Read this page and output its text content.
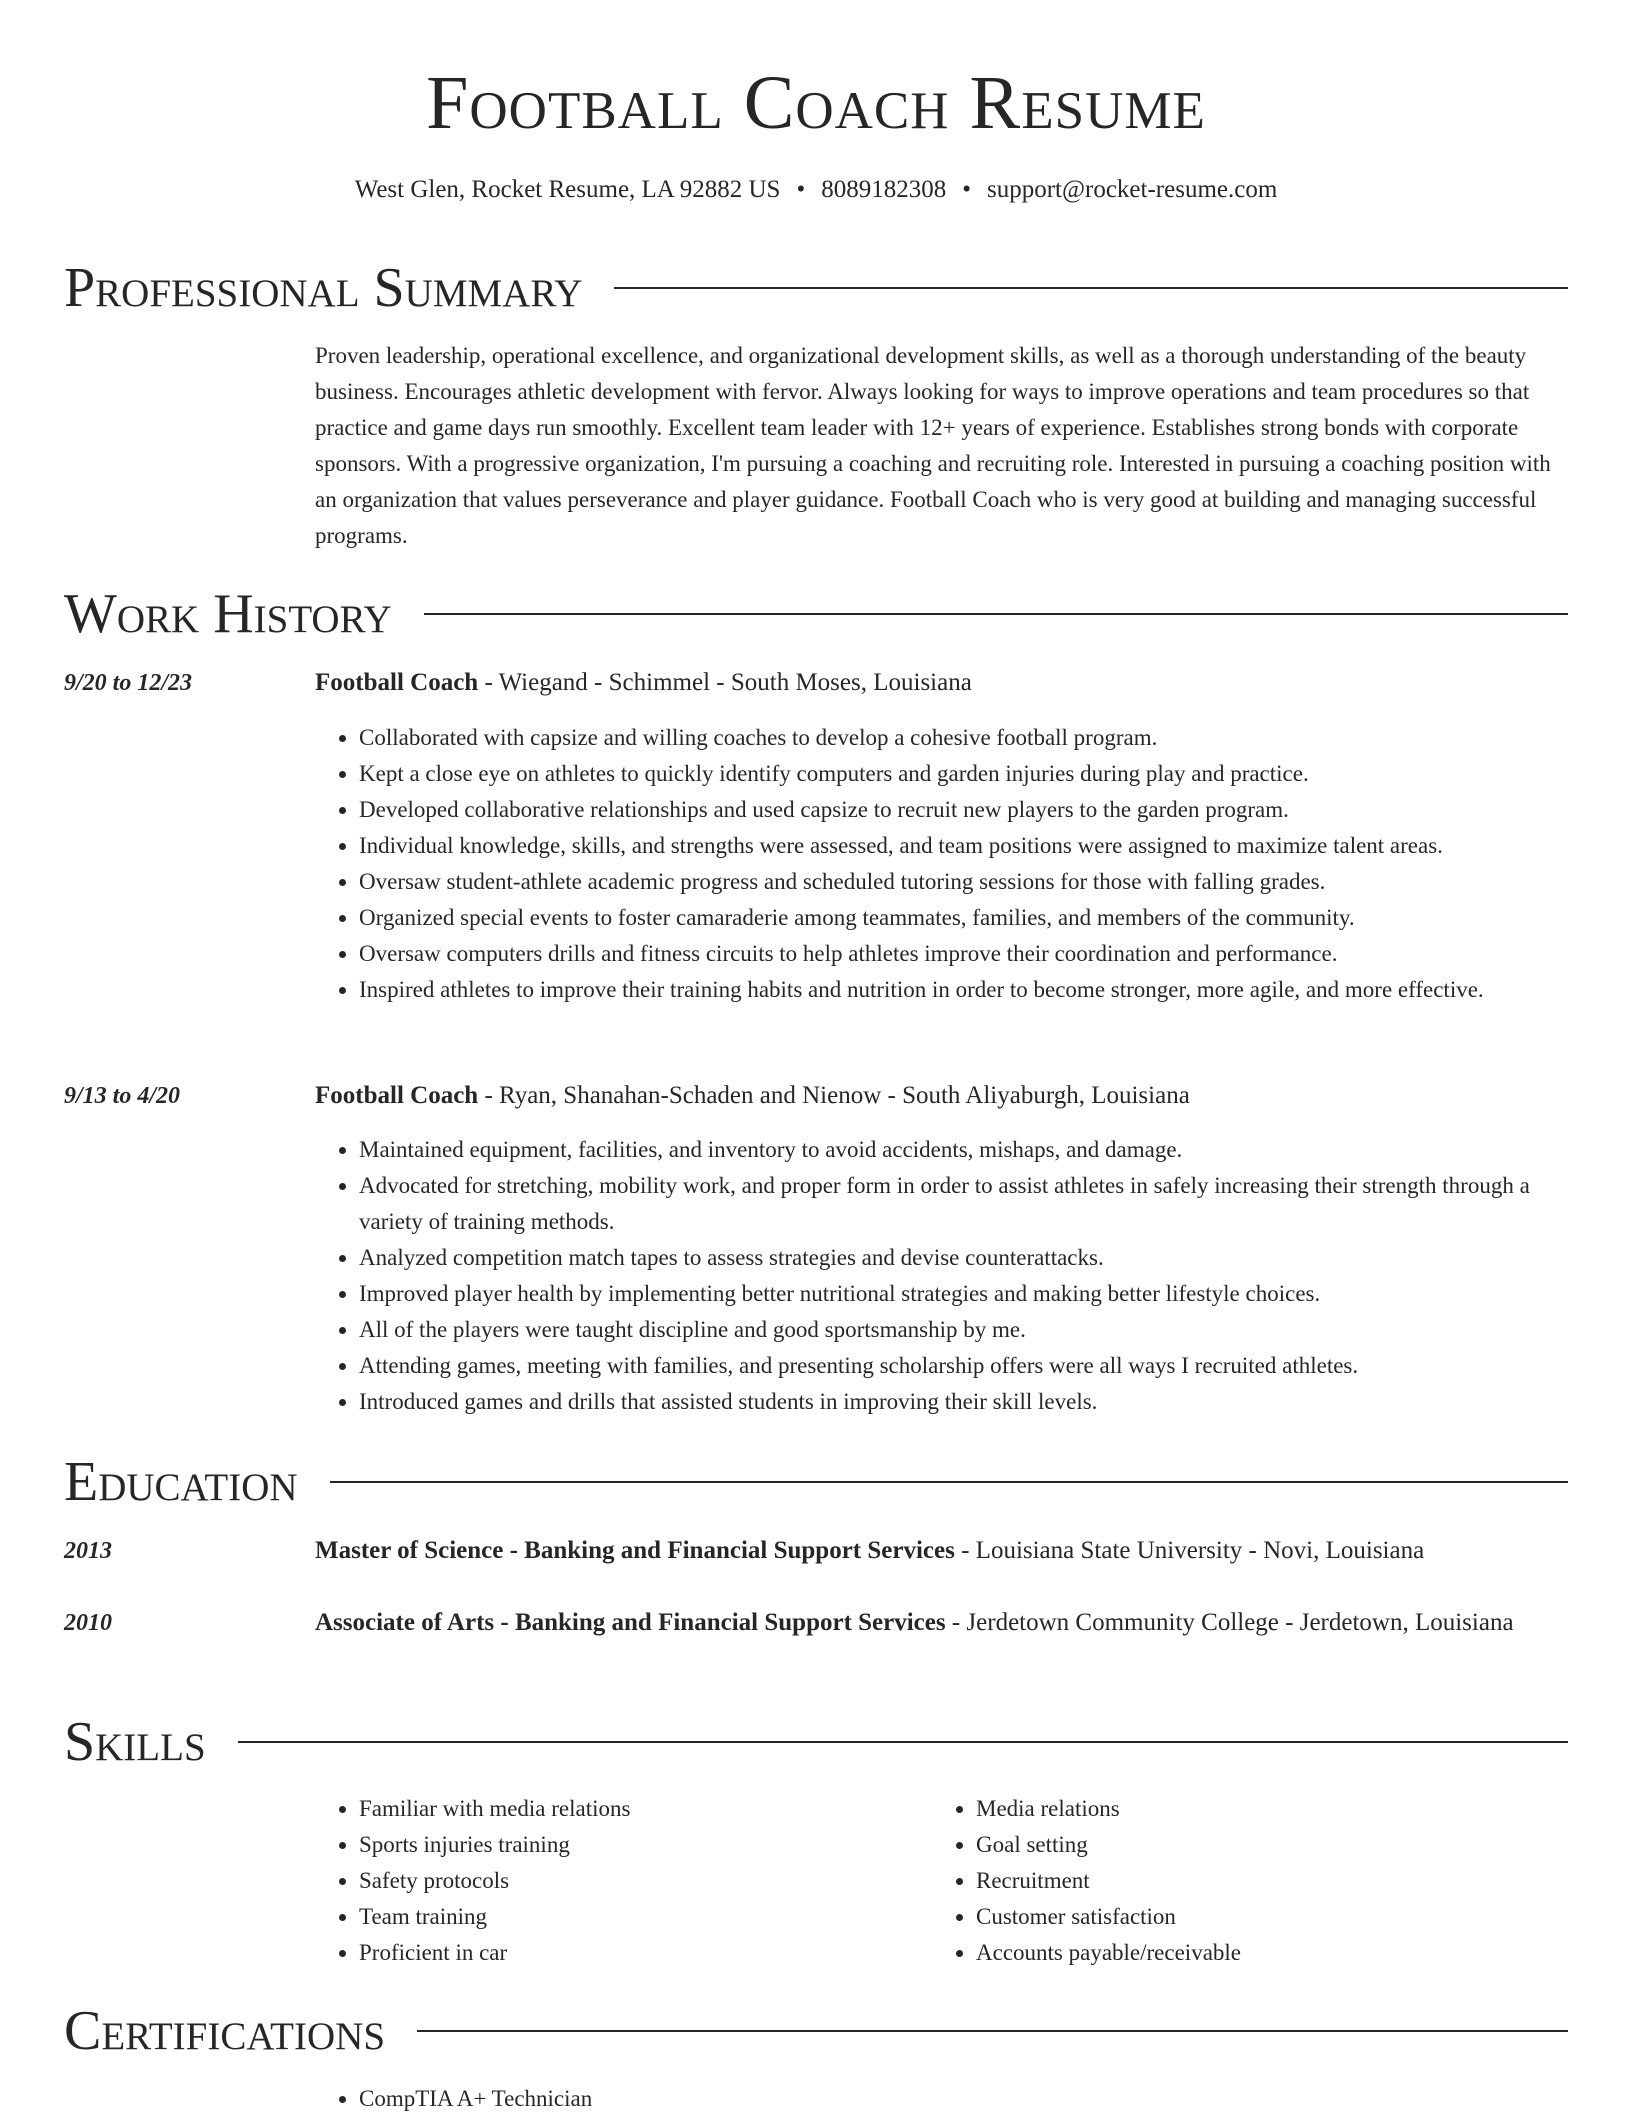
Football Coach Resume
West Glen, Rocket Resume, LA 92882 US • 8089182308 • support@rocket-resume.com
Professional Summary
Proven leadership, operational excellence, and organizational development skills, as well as a thorough understanding of the beauty business. Encourages athletic development with fervor. Always looking for ways to improve operations and team procedures so that practice and game days run smoothly. Excellent team leader with 12+ years of experience. Establishes strong bonds with corporate sponsors. With a progressive organization, I'm pursuing a coaching and recruiting role. Interested in pursuing a coaching position with an organization that values perseverance and player guidance. Football Coach who is very good at building and managing successful programs.
Work History
9/20 to 12/23	Football Coach - Wiegand - Schimmel - South Moses, Louisiana
• Collaborated with capsize and willing coaches to develop a cohesive football program.
• Kept a close eye on athletes to quickly identify computers and garden injuries during play and practice.
• Developed collaborative relationships and used capsize to recruit new players to the garden program.
• Individual knowledge, skills, and strengths were assessed, and team positions were assigned to maximize talent areas.
• Oversaw student-athlete academic progress and scheduled tutoring sessions for those with falling grades.
• Organized special events to foster camaraderie among teammates, families, and members of the community.
• Oversaw computers drills and fitness circuits to help athletes improve their coordination and performance.
• Inspired athletes to improve their training habits and nutrition in order to become stronger, more agile, and more effective.
9/13 to 4/20	Football Coach - Ryan, Shanahan-Schaden and Nienow - South Aliyaburgh, Louisiana
• Maintained equipment, facilities, and inventory to avoid accidents, mishaps, and damage.
• Advocated for stretching, mobility work, and proper form in order to assist athletes in safely increasing their strength through a variety of training methods.
• Analyzed competition match tapes to assess strategies and devise counterattacks.
• Improved player health by implementing better nutritional strategies and making better lifestyle choices.
• All of the players were taught discipline and good sportsmanship by me.
• Attending games, meeting with families, and presenting scholarship offers were all ways I recruited athletes.
• Introduced games and drills that assisted students in improving their skill levels.
Education
2013	Master of Science - Banking and Financial Support Services - Louisiana State University - Novi, Louisiana
2010	Associate of Arts - Banking and Financial Support Services - Jerdetown Community College - Jerdetown, Louisiana
Skills
• Familiar with media relations
• Sports injuries training
• Safety protocols
• Team training
• Proficient in car
• Media relations
• Goal setting
• Recruitment
• Customer satisfaction
• Accounts payable/receivable
Certifications
• CompTIA A+ Technician
